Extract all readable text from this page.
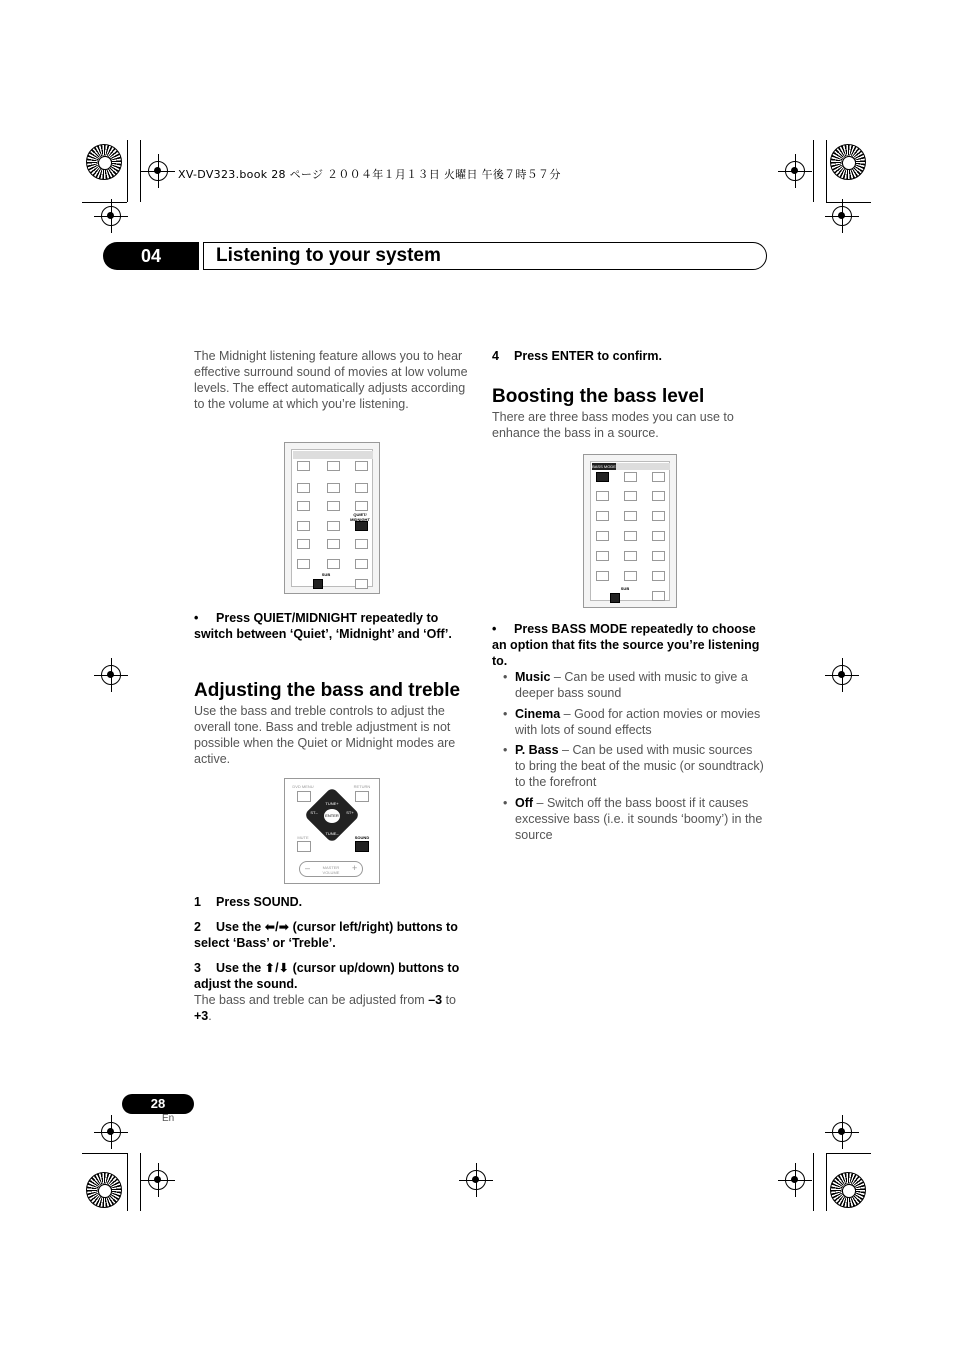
XV-DV323.book 28 ページ ２００４年１月１３日 火曜日 午後７時５７分
04	Listening to your system
The Midnight listening feature allows you to hear effective surround sound of movies at low volume levels. The effect automatically adjusts according to the volume at which you’re listening.
QUIET/ MIDNIGHT
SUB
• Press QUIET/MIDNIGHT repeatedly to switch between ‘Quiet’, ‘Midnight’ and ‘Off’.
Adjusting the bass and treble
Use the bass and treble controls to adjust the overall tone. Bass and treble adjustment is not possible when the Quiet or Midnight modes are active.
DVD MENU	RETURN
ENTER
TUNE+
TUNE–
ST–	ST+
MUTE	SOUND
MASTER VOLUME
–	+
1 Press SOUND.
2 Use the ⬅/➡ (cursor left/right) buttons to select ‘Bass’ or ‘Treble’.
3 Use the ⬆/⬇ (cursor up/down) buttons to adjust the sound.
The bass and treble can be adjusted from –3 to +3.
4 Press ENTER to confirm.
Boosting the bass level
There are three bass modes you can use to enhance the bass in a source.
BASS MODE
SUB
• Press BASS MODE repeatedly to choose an option that fits the source you’re listening to.
• Music – Can be used with music to give a deeper bass sound
• Cinema – Good for action movies or movies with lots of sound effects
• P. Bass – Can be used with music sources to bring the beat of the music (or soundtrack) to the forefront
• Off – Switch off the bass boost if it causes excessive bass (i.e. it sounds ‘boomy’) in the source
28
En
